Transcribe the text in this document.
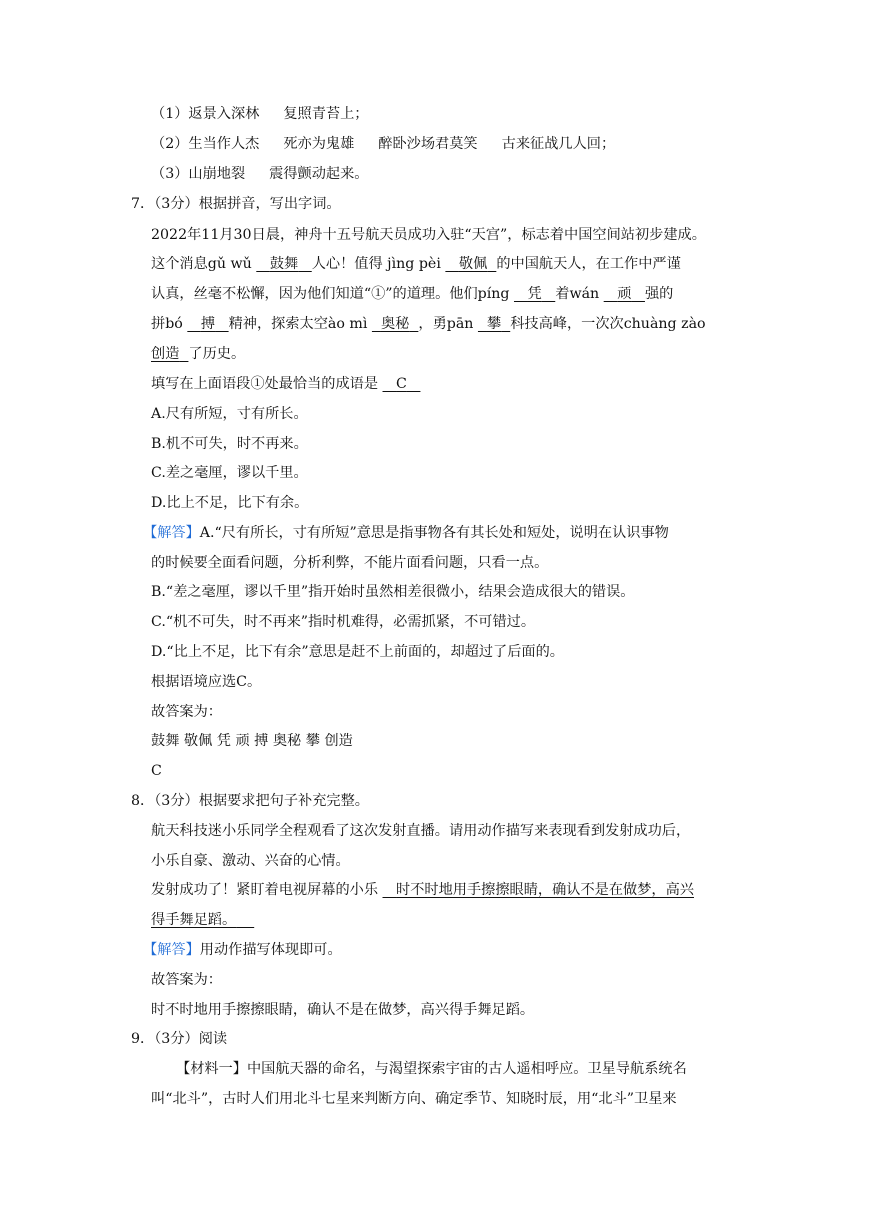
（1）返景入深林 复照青苔上；
（2）生当作人杰 死亦为鬼雄 醉卧沙场君莫笑 古来征战几人回；
（3）山崩地裂 震得颤动起来。
7．（3分）根据拼音，写出字词。
2022年11月30日晨，神舟十五号航天员成功入驻“天宫”，标志着中国空间站初步建成。
这个消息gǔ wǔ    鼓舞 人心！值得 jìng pèi    敬佩 的中国航天人，在工作中严谨
认真，丝毫不松懈，因为他们知道“①”的道理。他们píng    凭 着wán    顽 强的
拼bó    搏 精神，探索太空ào mì   奥秘 ，勇pān   攀 科技高峰，一次次chuàng zào
创造 了历史。
填写在上面语段①处最恰当的成语是    C
A.尺有所短，寸有所长。
B.机不可失，时不再来。
C.差之毫厘，谬以千里。
D.比上不足，比下有余。
【解答】A.“尺有所长，寸有所短”意思是指事物各有其长处和短处，说明在认识事物
的时候要全面看问题，分析利弊，不能片面看问题，只看一点。
B.“差之毫厘，谬以千里”指开始时虽然相差很微小，结果会造成很大的错误。
C.“机不可失，时不再来”指时机难得，必需抓紧，不可错过。
D.“比上不足，比下有余”意思是赶不上前面的，却超过了后面的。
根据语境应选C。
故答案为：
鼓舞 敬佩 凭 顽 搏 奥秘 攀 创造
C
8．（3分）根据要求把句子补充完整。
航天科技迷小乐同学全程观看了这次发射直播。请用动作描写来表现看到发射成功后，
小乐自豪、激动、兴奋的心情。
发射成功了！紧盯着电视屏幕的小乐    时不时地用手擦擦眼睛，确认不是在做梦，高兴
得手舞足蹈。
【解答】用动作描写体现即可。
故答案为：
时不时地用手擦擦眼睛，确认不是在做梦，高兴得手舞足蹈。
9．（3分）阅读
【材料一】中国航天器的命名，与渴望探索宇宙的古人遥相呼应。卫星导航系统名
叫“北斗”，古时人们用北斗七星来判断方向、确定季节、知晓时辰，用“北斗”卫星来
